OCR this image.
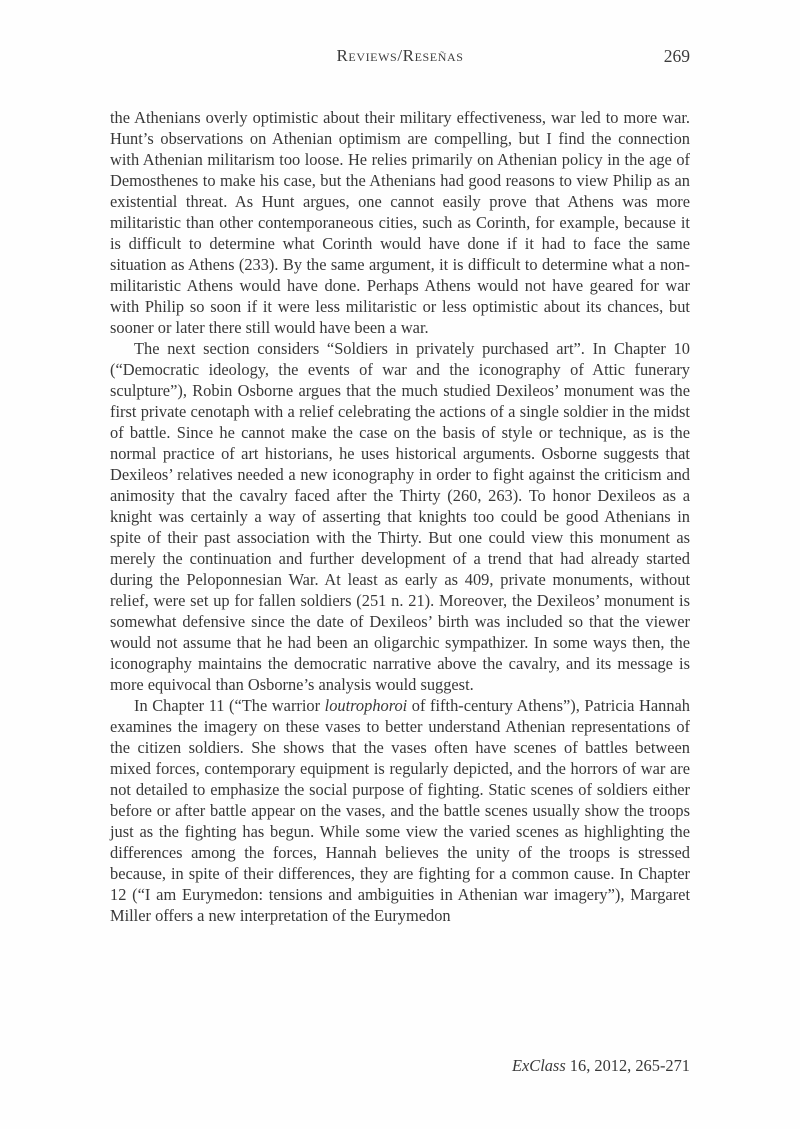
Reviews/Reseñas	269

the Athenians overly optimistic about their military effectiveness, war led to more war. Hunt’s observations on Athenian optimism are compelling, but I find the connection with Athenian militarism too loose. He relies primarily on Athenian policy in the age of Demosthenes to make his case, but the Athenians had good reasons to view Philip as an existential threat. As Hunt argues, one cannot easily prove that Athens was more militaristic than other contemporaneous cities, such as Corinth, for example, because it is difficult to determine what Corinth would have done if it had to face the same situation as Athens (233). By the same argument, it is difficult to determine what a non-militaristic Athens would have done. Perhaps Athens would not have geared for war with Philip so soon if it were less militaristic or less optimistic about its chances, but sooner or later there still would have been a war.

The next section considers “Soldiers in privately purchased art”. In Chapter 10 (“Democratic ideology, the events of war and the iconography of Attic funerary sculpture”), Robin Osborne argues that the much studied Dexileos’ monument was the first private cenotaph with a relief celebrating the actions of a single soldier in the midst of battle. Since he cannot make the case on the basis of style or technique, as is the normal practice of art historians, he uses historical arguments. Osborne suggests that Dexileos’ relatives needed a new iconography in order to fight against the criticism and animosity that the cavalry faced after the Thirty (260, 263). To honor Dexileos as a knight was certainly a way of asserting that knights too could be good Athenians in spite of their past association with the Thirty. But one could view this monument as merely the continuation and further development of a trend that had already started during the Peloponnesian War. At least as early as 409, private monuments, without relief, were set up for fallen soldiers (251 n. 21). Moreover, the Dexileos’ monument is somewhat defensive since the date of Dexileos’ birth was included so that the viewer would not assume that he had been an oligarchic sympathizer. In some ways then, the iconography maintains the democratic narrative above the cavalry, and its message is more equivocal than Osborne’s analysis would suggest.

In Chapter 11 (“The warrior loutrophoroi of fifth-century Athens”), Patricia Hannah examines the imagery on these vases to better understand Athenian representations of the citizen soldiers. She shows that the vases often have scenes of battles between mixed forces, contemporary equipment is regularly depicted, and the horrors of war are not detailed to emphasize the social purpose of fighting. Static scenes of soldiers either before or after battle appear on the vases, and the battle scenes usually show the troops just as the fighting has begun. While some view the varied scenes as highlighting the differences among the forces, Hannah believes the unity of the troops is stressed because, in spite of their differences, they are fighting for a common cause. In Chapter 12 (“I am Eurymedon: tensions and ambiguities in Athenian war imagery”), Margaret Miller offers a new interpretation of the Eurymedon

ExClass 16, 2012, 265-271
